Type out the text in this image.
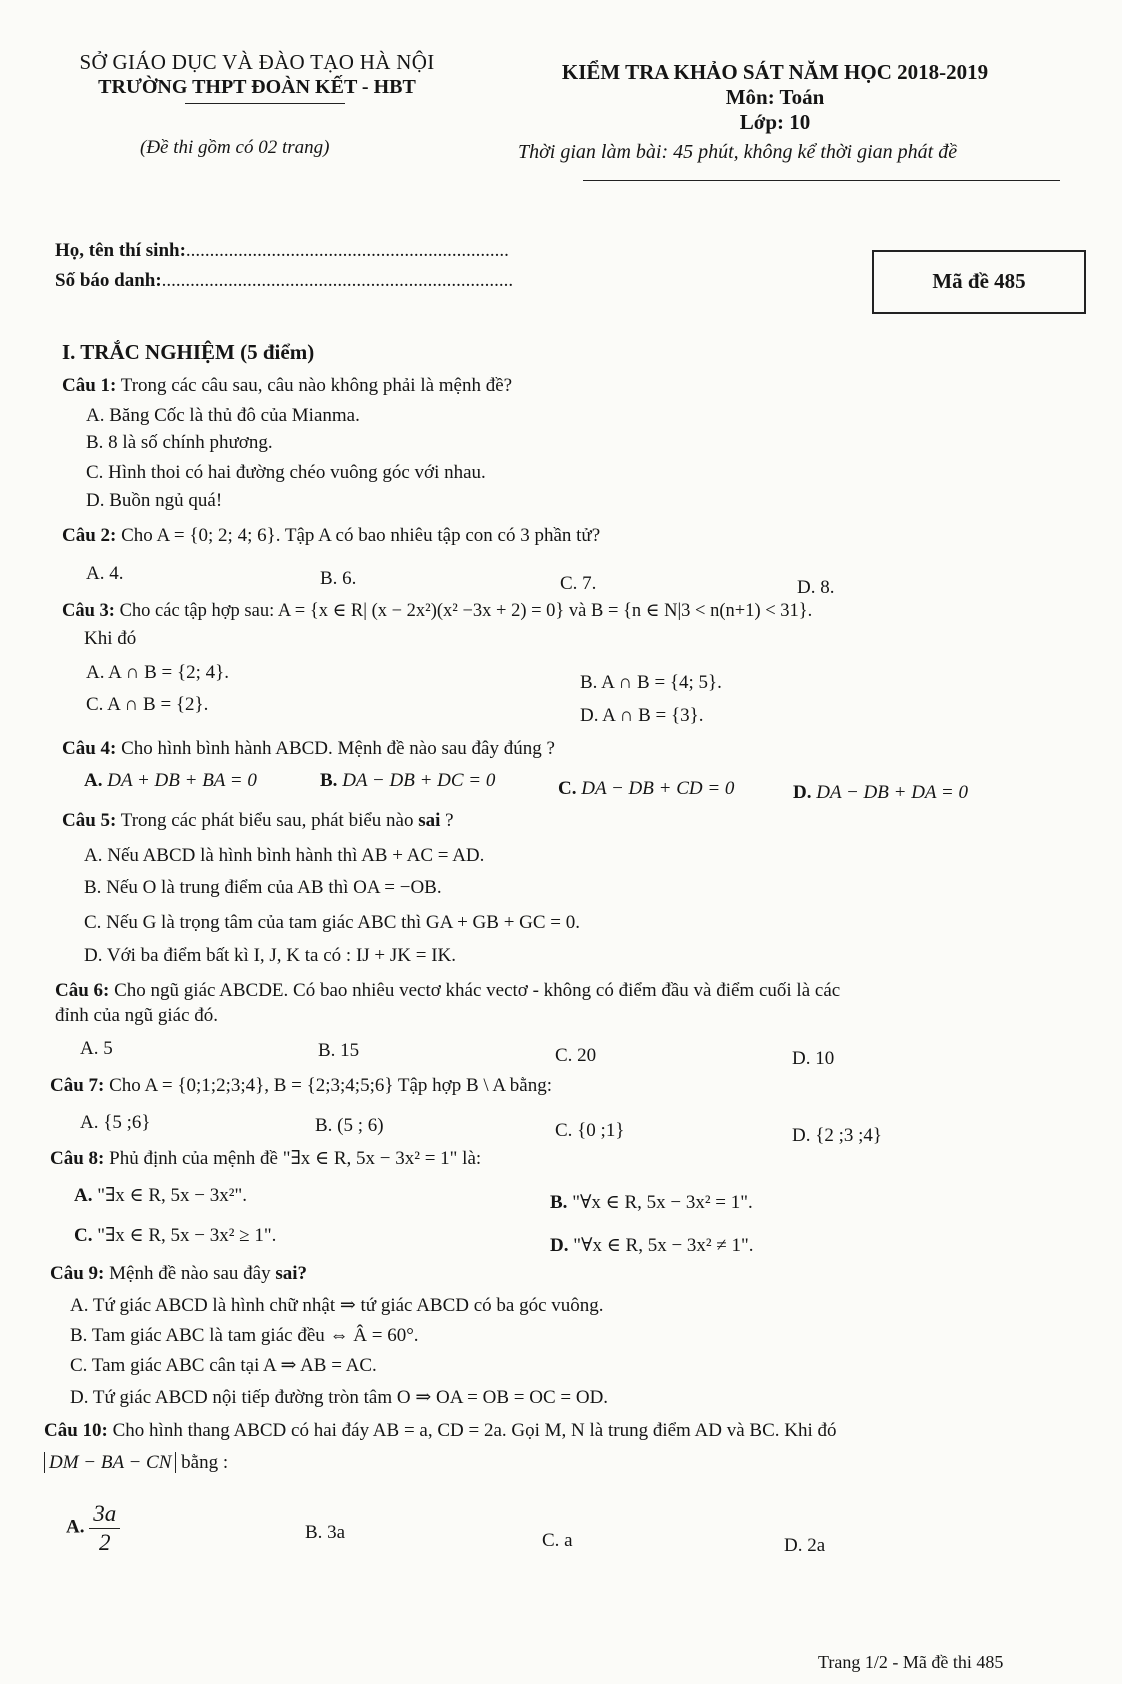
SỞ GIÁO DỤC VÀ ĐÀO TẠO HÀ NỘI
TRƯỜNG THPT ĐOÀN KẾT - HBT
(Đề thi gồm có 02 trang)
KIỂM TRA KHẢO SÁT NĂM HỌC 2018-2019
Môn: Toán
Lớp: 10
Thời gian làm bài: 45 phút, không kể thời gian phát đề
Họ, tên thí sinh:....................................................................
Số báo danh:..........................................................................	Mã đề 485
I. TRẮC NGHIỆM (5 điểm)
Câu 1: Trong các câu sau, câu nào không phải là mệnh đề?
A. Băng Cốc là thủ đô của Mianma.
B. 8 là số chính phương.
C. Hình thoi có hai đường chéo vuông góc với nhau.
D. Buồn ngủ quá!
Câu 2: Cho A = {0; 2; 4; 6}. Tập A có bao nhiêu tập con có 3 phần tử?
A. 4.	B. 6.	C. 7.	D. 8.
Câu 3: Cho các tập hợp sau: A = {x ∈ R| (x − 2x²)(x² −3x + 2) = 0} và B = {n ∈ N|3 < n(n+1) < 31}.
Khi đó
A. A ∩ B = {2; 4}.	B. A ∩ B = {4; 5}.
C. A ∩ B = {2}.
D. A ∩ B = {3}.
Câu 4: Cho hình bình hành ABCD. Mệnh đề nào sau đây đúng ?
A. DA + DB + BA = 0	B. DA − DB + DC = 0	C. DA − DB + CD = 0	D. DA − DB + DA = 0
Câu 5: Trong các phát biểu sau, phát biểu nào sai ?
A. Nếu ABCD là hình bình hành thì AB + AC = AD.
B. Nếu O là trung điểm của AB thì OA = −OB.
C. Nếu G là trọng tâm của tam giác ABC thì GA + GB + GC = 0.
D. Với ba điểm bất kì I, J, K ta có : IJ + JK = IK.
Câu 6: Cho ngũ giác ABCDE. Có bao nhiêu vectơ khác vectơ - không có điểm đầu và điểm cuối là các
đỉnh của ngũ giác đó.
A. 5	B. 15	C. 20	D. 10
Câu 7: Cho A = {0;1;2;3;4}, B = {2;3;4;5;6} Tập hợp B \ A bằng:
A. {5 ;6}	B. (5 ; 6)	C. {0 ;1}	D. {2 ;3 ;4}
Câu 8: Phủ định của mệnh đề "∃x ∈ R, 5x − 3x² = 1" là:
A. "∃x ∈ R, 5x − 3x²".	B. "∀x ∈ R, 5x − 3x² = 1".
C. "∃x ∈ R, 5x − 3x² ≥ 1".	D. "∀x ∈ R, 5x − 3x² ≠ 1".
Câu 9: Mệnh đề nào sau đây sai?
A. Tứ giác ABCD là hình chữ nhật ⇒ tứ giác ABCD có ba góc vuông.
B. Tam giác ABC là tam giác đều ⇔ Â = 60°.
C. Tam giác ABC cân tại A ⇒ AB = AC.
D. Tứ giác ABCD nội tiếp đường tròn tâm O ⇒ OA = OB = OC = OD.
Câu 10: Cho hình thang ABCD có hai đáy AB = a, CD = 2a. Gọi M, N là trung điểm AD và BC. Khi đó
DM − BA − CN bằng :
A. $\frac{3a}{2}$	B. 3a	C. a	D. 2a
Trang 1/2 - Mã đề thi 485
